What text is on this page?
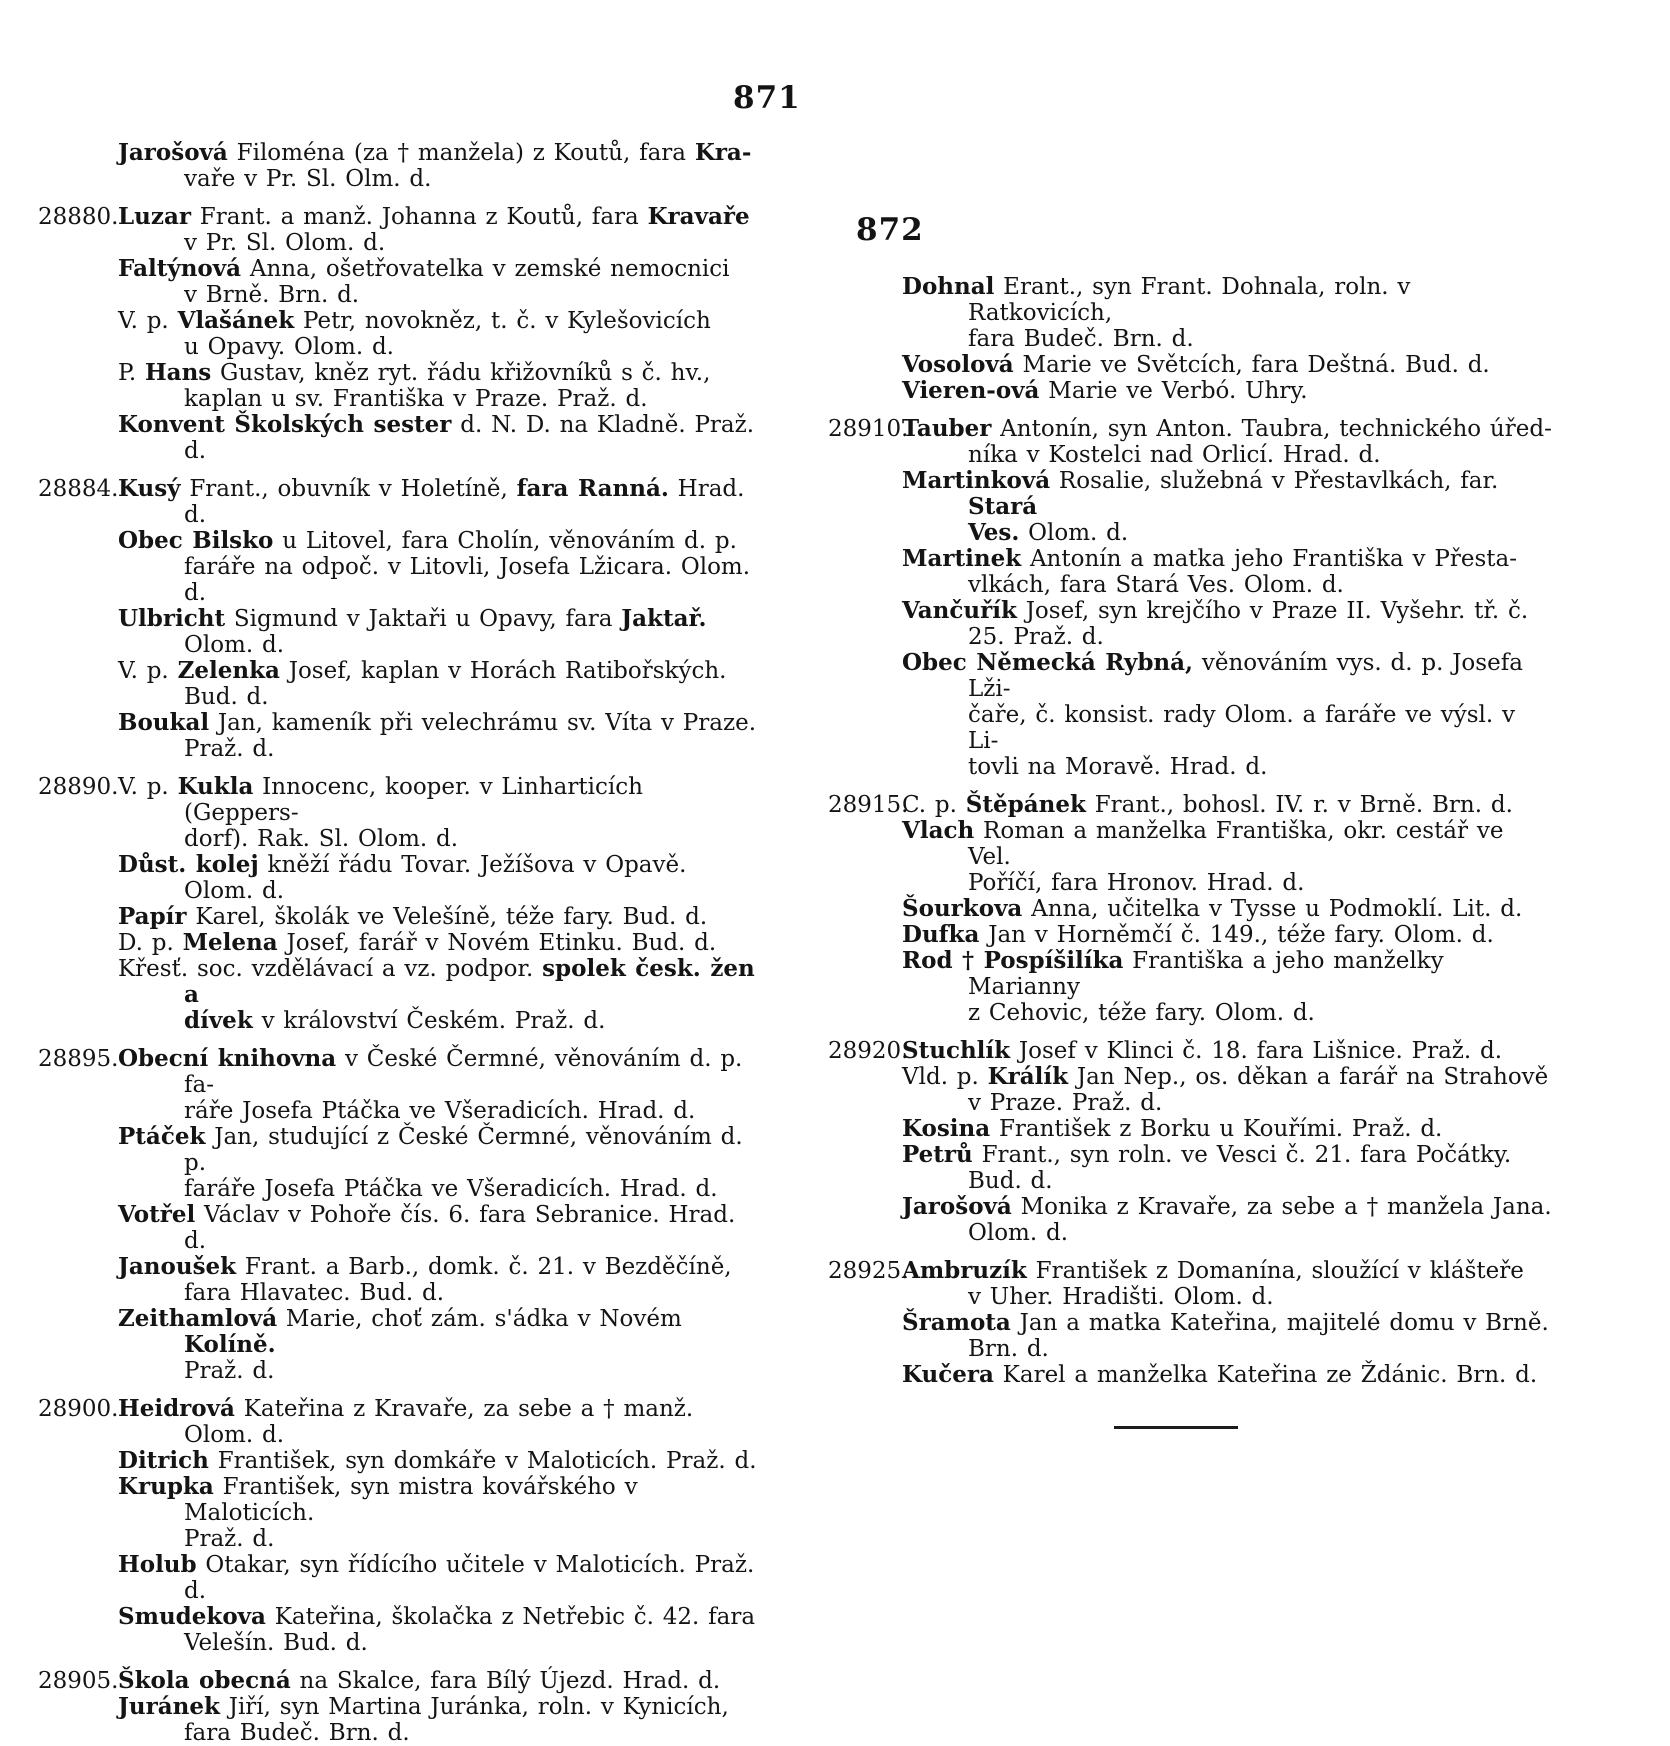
871
872

Jarošová Filoména (za † manžela) z Koutů, fara Kra-
vaře v Pr. Sl. Olm. d.

28880. Luzar Frant. a manž. Johanna z Koutů, fara Kravaře
v Pr. Sl. Olom. d.

Faltýnová Anna, ošetřovatelka v zemské nemocnici
v Brně. Brn. d.

V. p. Vlašánek Petr, novokněz, t. č. v Kylešovicích
u Opavy. Olom. d.

P. Hans Gustav, kněz ryt. řádu křižovníků s č. hv.,
kaplan u sv. Františka v Praze. Praž. d.

Konvent Školských sester d. N. D. na Kladně. Praž. d.

28884. Kusý Frant., obuvník v Holetíně, fara Ranná. Hrad. d.

Obec Bilsko u Litovel, fara Cholín, věnováním d. p.
faráře na odpoč. v Litovli, Josefa Lžicara. Olom. d.

Ulbricht Sigmund v Jaktaři u Opavy, fara Jaktař.
Olom. d.

V. p. Zelenka Josef, kaplan v Horách Ratibořských.
Bud. d.

Boukal Jan, kameník při velechrámu sv. Víta v Praze.
Praž. d.

28890. V. p. Kukla Innocenc, kooper. v Linharticích (Geppers-
dorf). Rak. Sl. Olom. d.

Důst. kolej kněží řádu Tovar. Ježíšova v Opavě. Olom. d.

Papír Karel, školák ve Velešíně, téže fary. Bud. d.

D. p. Melena Josef, farář v Novém Etinku. Bud. d.

Křesť. soc. vzdělávací a vz. podpor. spolek česk. žen a
dívek v království Českém. Praž. d.

28895. Obecní knihovna v České Čermné, věnováním d. p. fa-
ráře Josefa Ptáčka ve Všeradicích. Hrad. d.

Ptáček Jan, studující z České Čermné, věnováním d. p.
faráře Josefa Ptáčka ve Všeradicích. Hrad. d.

Votřel Václav v Pohoře čís. 6. fara Sebranice. Hrad. d.

Janoušek Frant. a Barb., domk. č. 21. v Bezděčíně,
fara Hlavatec. Bud. d.

Zeithamlová Marie, choť zám. s'ádka v Novém Kolíně.
Praž. d.

28900. Heidrová Kateřina z Kravaře, za sebe a † manž. Olom. d.

Ditrich František, syn domkáře v Maloticích. Praž. d.

Krupka František, syn mistra kovářského v Maloticích.
Praž. d.

Holub Otakar, syn řídícího učitele v Maloticích. Praž. d.

Smudekova Kateřina, školačka z Netřebic č. 42. fara
Velešín. Bud. d.

28905. Škola obecná na Skalce, fara Bílý Újezd. Hrad. d.

Juránek Jiří, syn Martina Juránka, roln. v Kynicích,
fara Budeč. Brn. d.

Dohnal Erant., syn Frant. Dohnala, roln. v Ratkovicích,
fara Budeč. Brn. d.

Vosolová Marie ve Světcích, fara Deštná. Bud. d.

Vieren-ová Marie ve Verbó. Uhry.

28910.

Tauber Antonín, syn Anton. Taubra, technického úřed-
níka v Kostelci nad Orlicí. Hrad. d.

Martinková Rosalie, služebná v Přestavlkách, far. Stará
Ves. Olom. d.

Martinek Antonín a matka jeho Františka v Přesta-
vlkách, fara Stará Ves. Olom. d.

Vančuřík Josef, syn krejčího v Praze II. Vyšehr. tř. č.
25. Praž. d.

Obec Německá Rybná, věnováním vys. d. p. Josefa Lži-
čaře, č. konsist. rady Olom. a faráře ve výsl. v Li-
tovli na Moravě. Hrad. d.

28915.

C. p. Štěpánek Frant., bohosl. IV. r. v Brně. Brn. d.

Vlach Roman a manželka Františka, okr. cestář ve Vel.
Poříčí, fara Hronov. Hrad. d.

Šourkova Anna, učitelka v Tysse u Podmoklí. Lit. d.

Dufka Jan v Horněmčí č. 149., téže fary. Olom. d.

Rod † Pospíšilíka Františka a jeho manželky Marianny
z Cehovic, téže fary. Olom. d.

28920.

Stuchlík Josef v Klinci č. 18. fara Lišnice. Praž. d.

Vld. p. Králík Jan Nep., os. děkan a farář na Strahově
v Praze. Praž. d.

Kosina František z Borku u Kouřími. Praž. d.

Petrů Frant., syn roln. ve Vesci č. 21. fara Počátky.
Bud. d.

Jarošová Monika z Kravaře, za sebe a † manžela Jana.
Olom. d.

28925.

Ambruzík František z Domanína, sloužící v klášteře
v Uher. Hradišti. Olom. d.

Šramota Jan a matka Kateřina, majitelé domu v Brně.
Brn. d.

Kučera Karel a manželka Kateřina ze Ždánic. Brn. d.
